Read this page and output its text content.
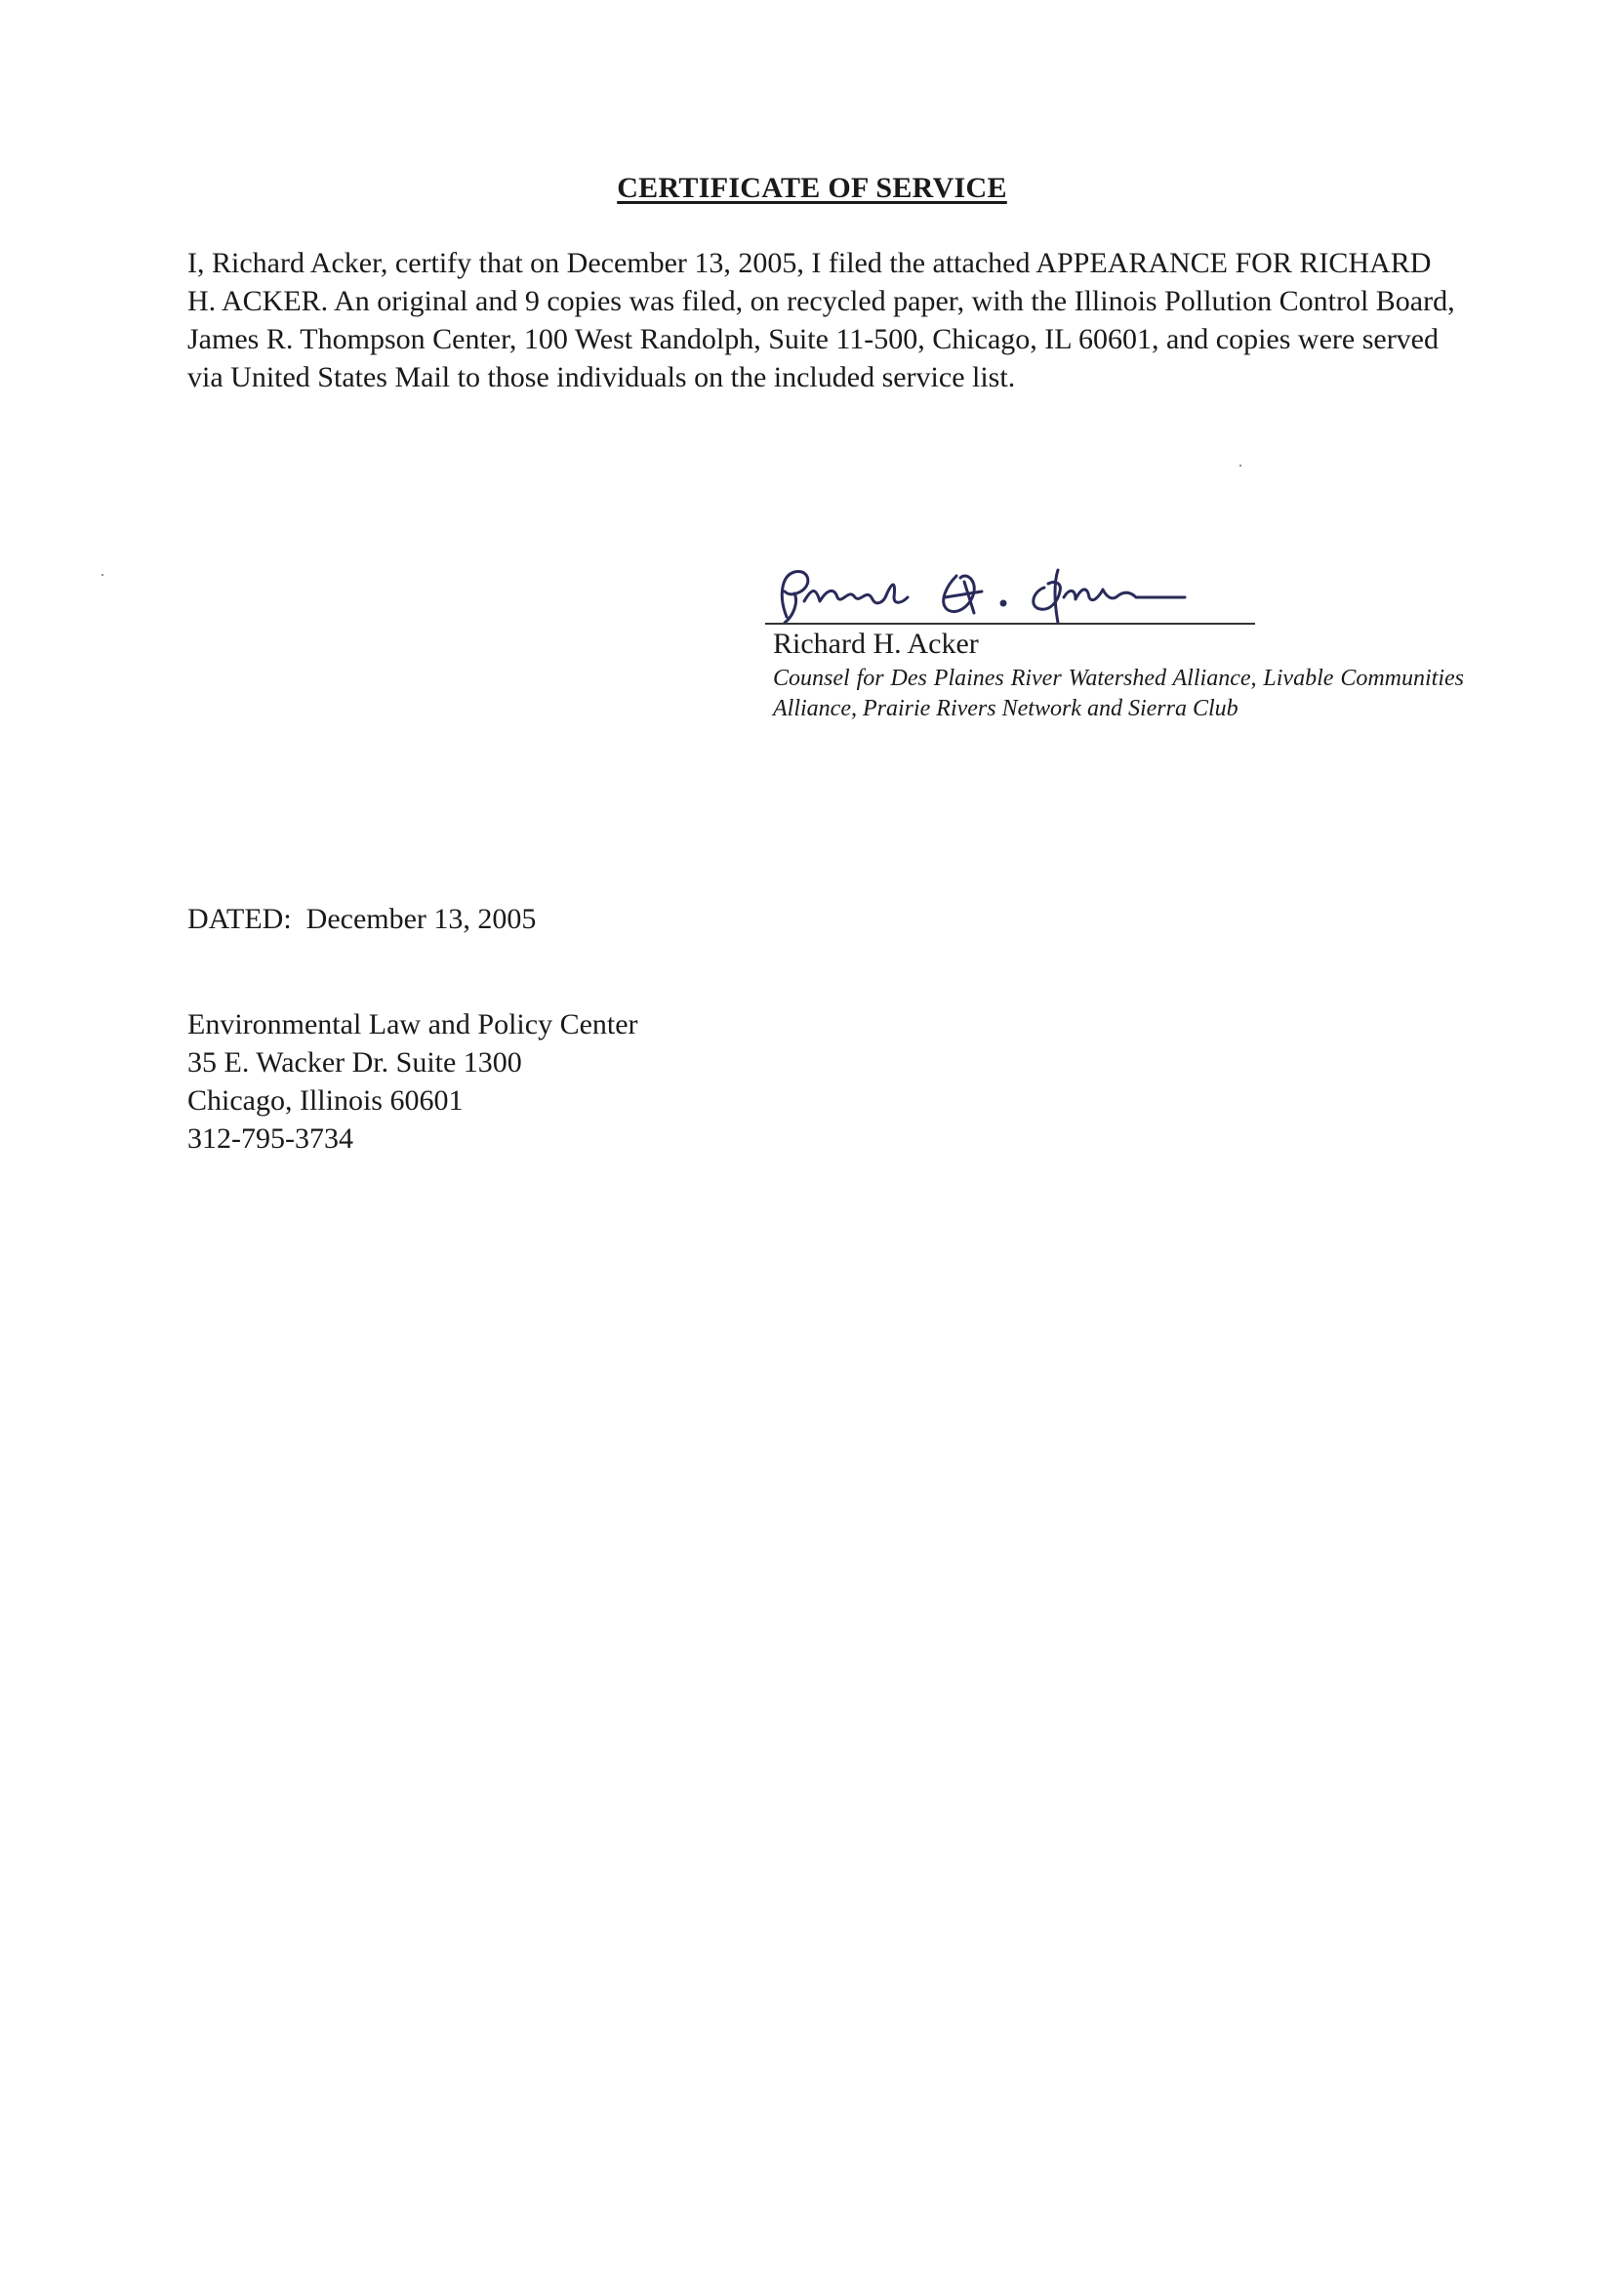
CERTIFICATE OF SERVICE

I, Richard Acker, certify that on December 13, 2005, I filed the attached APPEARANCE FOR RICHARD H. ACKER. An original and 9 copies was filed, on recycled paper, with the Illinois Pollution Control Board, James R. Thompson Center, 100 West Randolph, Suite 11-500, Chicago, IL 60601, and copies were served via United States Mail to those individuals on the included service list.

Richard H. Acker

Counsel for Des Plaines River Watershed Alliance, Livable Communities Alliance, Prairie Rivers Network and Sierra Club

DATED: December 13, 2005

Environmental Law and Policy Center
35 E. Wacker Dr. Suite 1300
Chicago, Illinois 60601
312-795-3734
